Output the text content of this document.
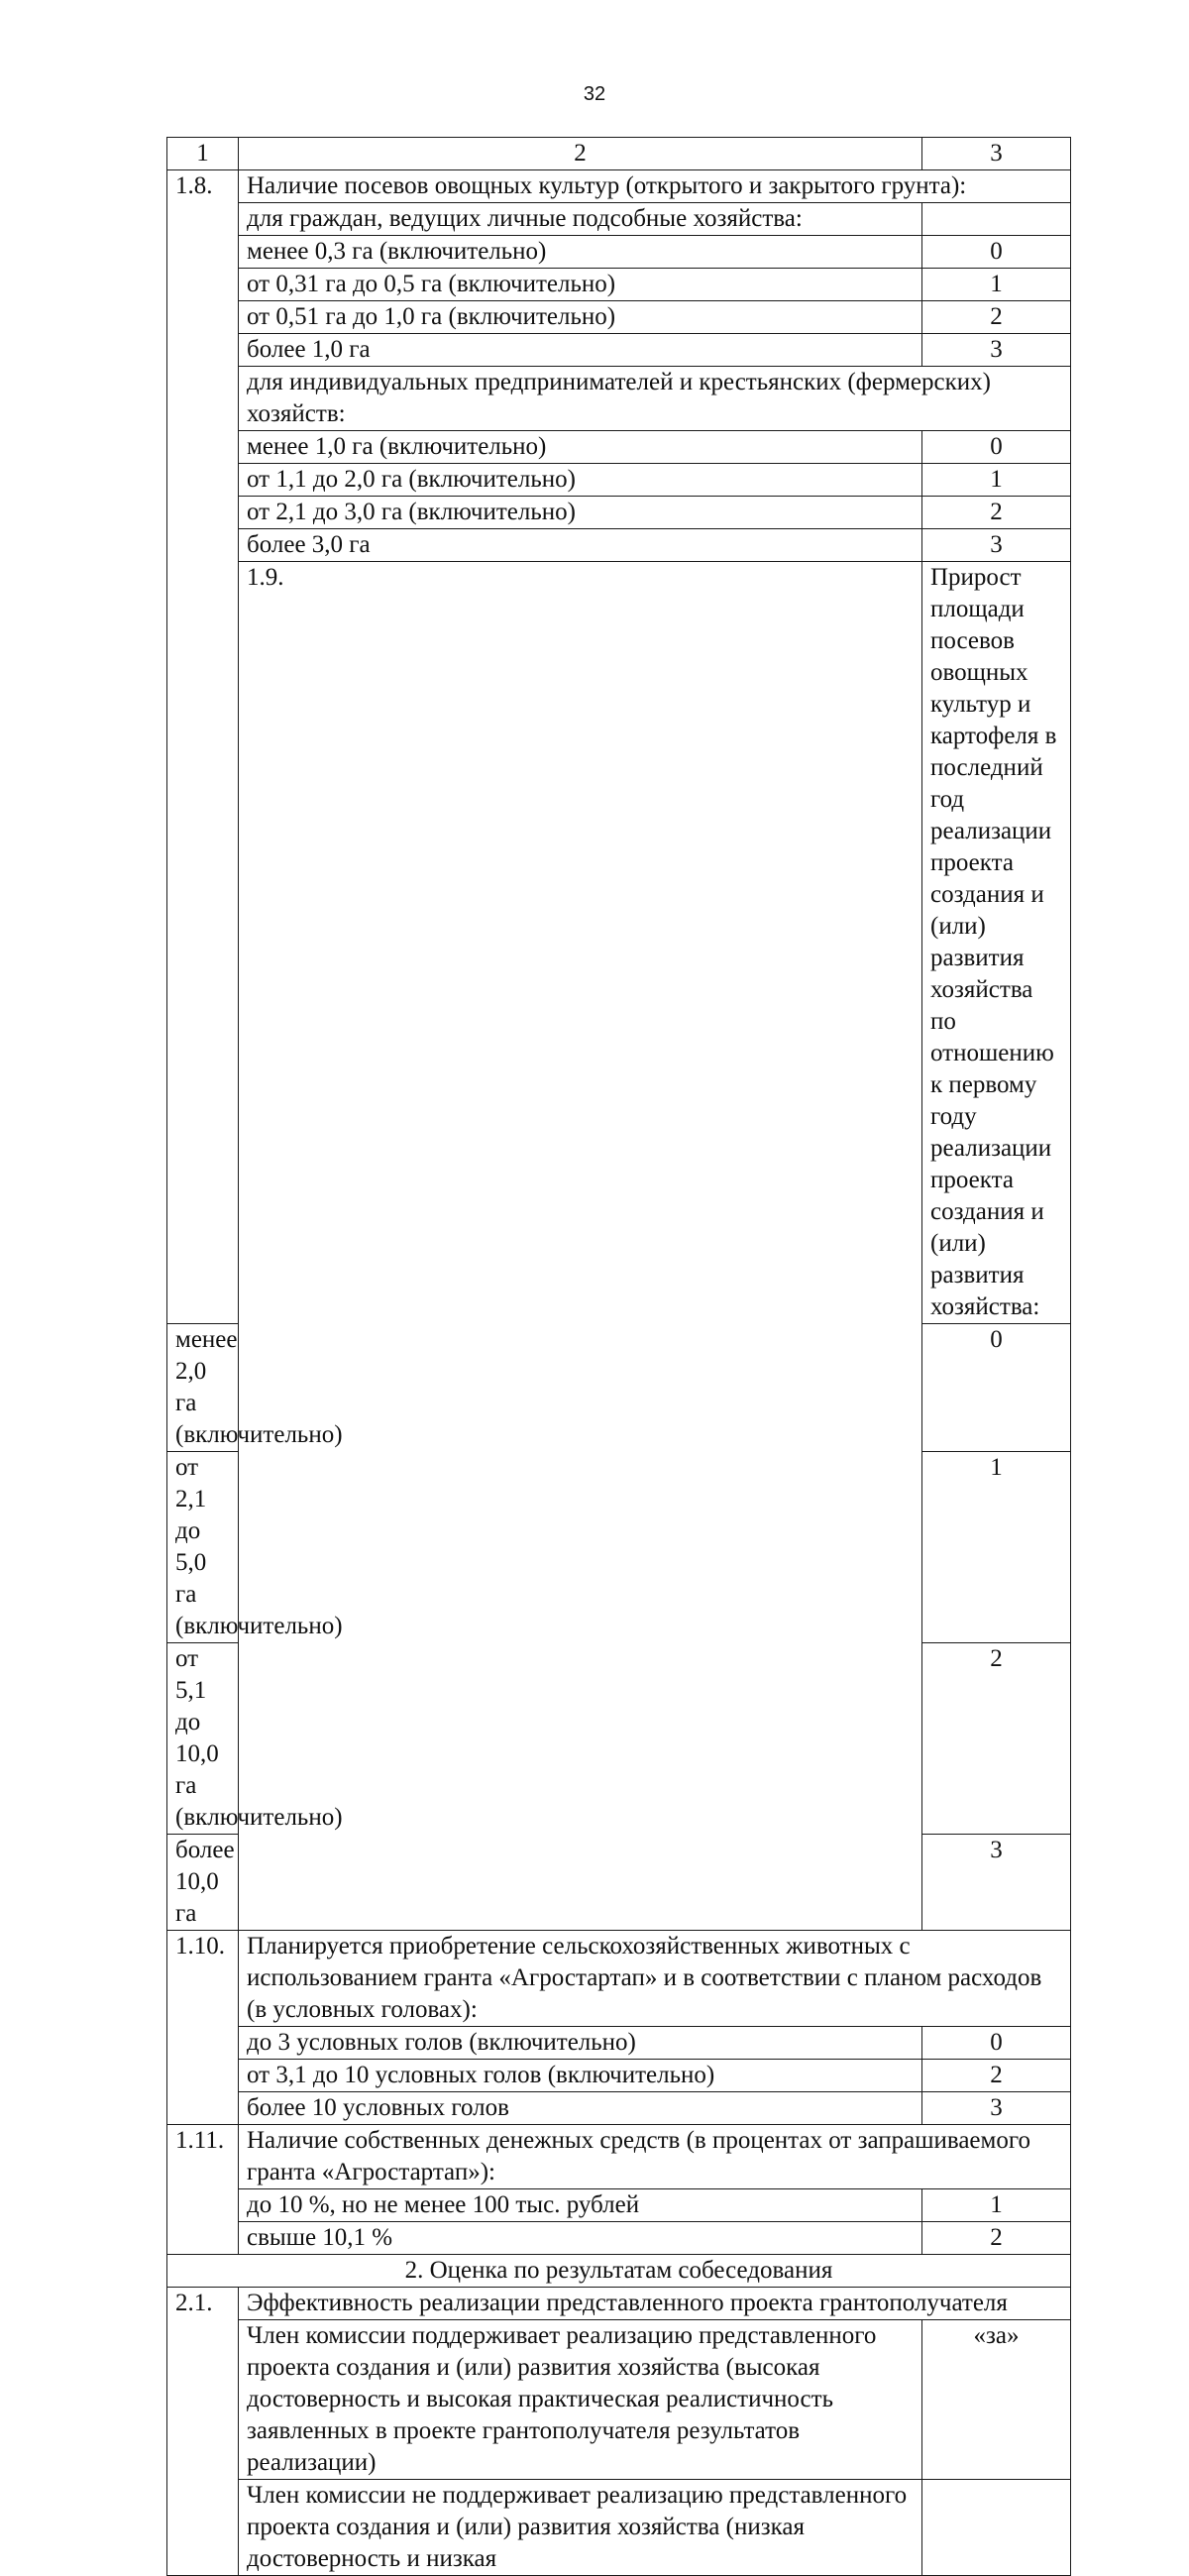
32
1	2	3
1.8.	Наличие посевов овощных культур (открытого и закрытого грунта):	
	для граждан, ведущих личные подсобные хозяйства:	
	менее 0,3 га (включительно)	0
	от 0,31 га до 0,5 га (включительно)	1
	от 0,51 га до 1,0 га (включительно)	2
	более 1,0 га	3
	для индивидуальных предпринимателей и крестьянских (фермерских) хозяйств:	
	менее 1,0 га (включительно)	0
	от 1,1 до 2,0 га (включительно)	1
	от 2,1 до 3,0 га (включительно)	2
	более 3,0 га	3
	1.9.	Прирост площади посевов овощных культур и картофеля в последний год реализации проекта создания и (или) развития хозяйства по отношению к первому году реализации проекта создания и (или) развития хозяйства:
менее 2,0 га (включительно)		0
от 2,1 до 5,0 га (включительно)		1
от 5,1 до 10,0 га (включительно)		2
более 10,0 га		3
1.10.	Планируется приобретение сельскохозяйственных животных с использованием гранта «Агростартап» и в соответствии с планом расходов (в условных головах):	
	до 3 условных голов (включительно)	0
	от 3,1 до 10 условных голов (включительно)	2
	более 10 условных голов	3
1.11.	Наличие собственных денежных средств (в процентах от запрашиваемого гранта «Агростартап»):	
	до 10 %, но не менее 100 тыс. рублей	1
	свыше 10,1 %	2
2. Оценка по результатам собеседования		
2.1.	Эффективность реализации представленного проекта грантополучателя	
	Член комиссии поддерживает реализацию представленного проекта создания и (или) развития хозяйства (высокая достоверность и высокая практическая реалистичность заявленных в проекте грантополучателя результатов реализации)	«за»
	Член комиссии не поддерживает реализацию представленного проекта создания и (или) развития хозяйства (низкая достоверность и низкая	
